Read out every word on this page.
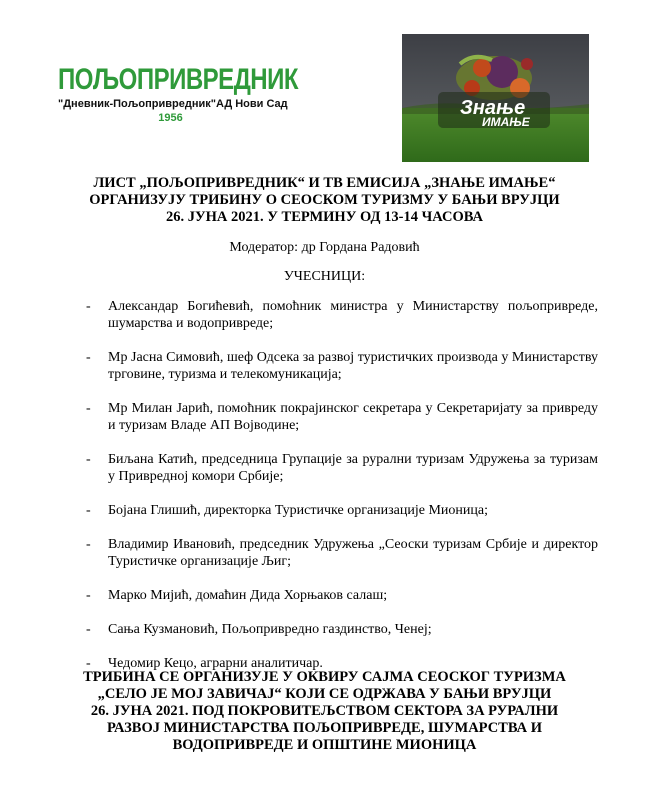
ПОЉОПРИВРЕДНИК
"Дневник-Пољопривредник"АД Нови Сад
1956	Знање
ИМАЊЕ
ЛИСТ „ПОЉОПРИВРЕДНИК“ И ТВ ЕМИСИЈА „ЗНАЊЕ ИМАЊЕ“
ОРГАНИЗУЈУ ТРИБИНУ О СЕОСКОМ ТУРИЗМУ У БАЊИ ВРУЈЦИ
26. ЈУНА 2021. У ТЕРМИНУ ОД 13-14 ЧАСОВА
Модератор: др Гордана Радовић
УЧЕСНИЦИ:
- Александар Богићевић, помоћник министра у Министарству пољопривреде, шумарства и водопривреде;
- Мр Јасна Симовић, шеф Одсека за развој туристичких производа у Министарству трговине, туризма и телекомуникација;
- Мр Милан Јарић, помоћник покрајинског секретара у Секретаријату за привреду и туризам Владе АП Војводине;
- Биљана Катић, председница Групације за рурални туризам Удружења за туризам у Привредној комори Србије;
- Бојана Глишић, директорка Туристичке организације Мионица;
- Владимир Ивановић, председник Удружења „Сеоски туризам Србије и директор Туристичке организације Љиг;
- Марко Мијић, домаћин Дида Хорњаков салаш;
- Сања Кузмановић, Пољопривредно газдинство, Ченеј;
- Чедомир Кецо, аграрни аналитичар.
ТРИБИНА СЕ ОРГАНИЗУЈЕ У ОКВИРУ САЈМА СЕОСКОГ ТУРИЗМА
„СЕЛО ЈЕ МОЈ ЗАВИЧАЈ“ КОЈИ СЕ ОДРЖАВА У БАЊИ ВРУЈЦИ
26. ЈУНА 2021. ПОД ПОКРОВИТЕЉСТВОМ СЕКТОРА ЗА РУРАЛНИ
РАЗВОЈ МИНИСТАРСТВА ПОЉОПРИВРЕДЕ, ШУМАРСТВА И
ВОДОПРИВРЕДЕ И ОПШТИНЕ МИОНИЦА
